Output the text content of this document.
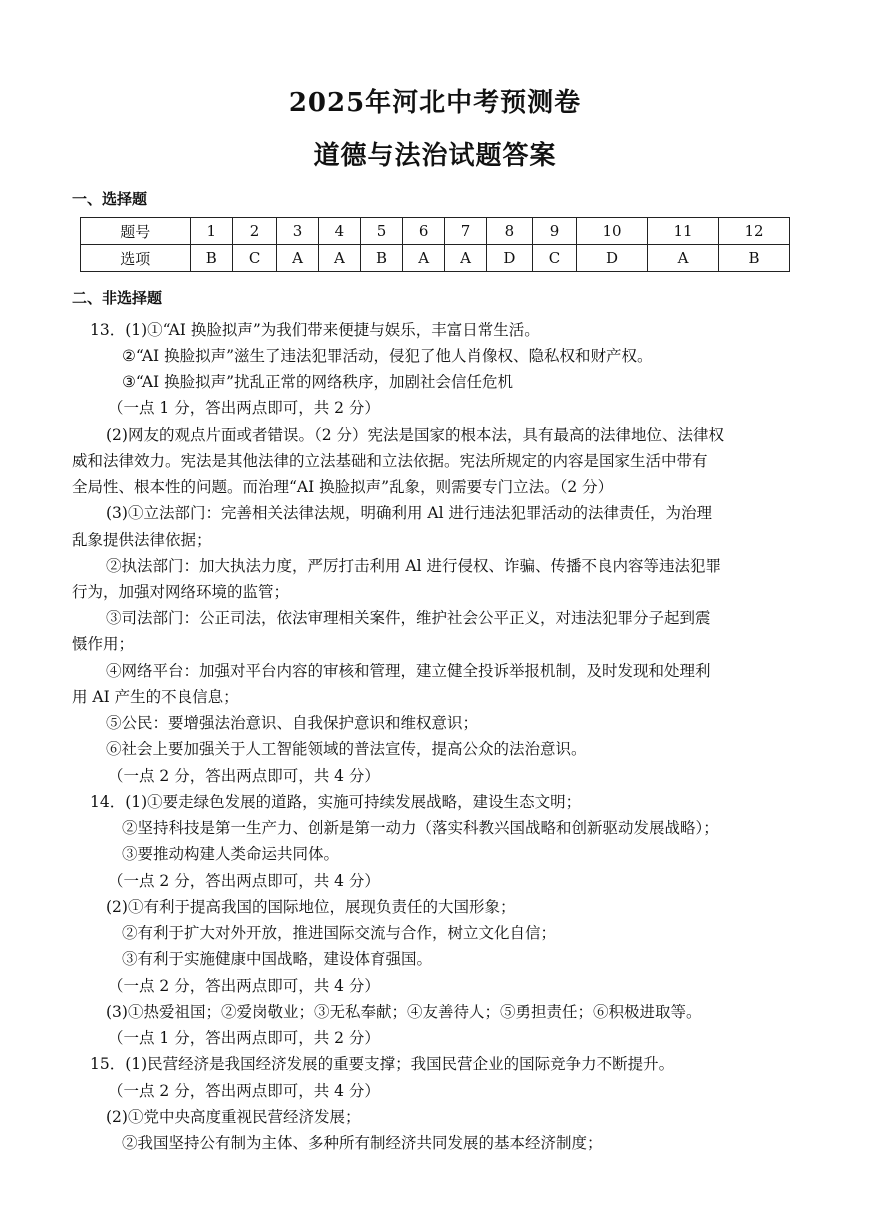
2025年河北中考预测卷
道德与法治试题答案
一、选择题
题号	1	2	3	4	5	6	7	8	9	10	11	12
选项	B	C	A	A	B	A	A	D	C	D	A	B
二、非选择题
13．(1)①“AI 换脸拟声”为我们带来便捷与娱乐，丰富日常生活。
②“AI 换脸拟声”滋生了违法犯罪活动，侵犯了他人肖像权、隐私权和财产权。
③“AI 换脸拟声”扰乱正常的网络秩序，加剧社会信任危机
（一点 1 分，答出两点即可，共 2 分）
(2)网友的观点片面或者错误。（2 分）宪法是国家的根本法，具有最高的法律地位、法律权
威和法律效力。宪法是其他法律的立法基础和立法依据。宪法所规定的内容是国家生活中带有
全局性、根本性的问题。而治理“AI 换脸拟声”乱象，则需要专门立法。（2 分）
(3)①立法部门：完善相关法律法规，明确利用 Al 进行违法犯罪活动的法律责任，为治理
乱象提供法律依据；
②执法部门：加大执法力度，严厉打击利用 Al 进行侵权、诈骗、传播不良内容等违法犯罪
行为，加强对网络环境的监管；
③司法部门：公正司法，依法审理相关案件，维护社会公平正义，对违法犯罪分子起到震
慑作用；
④网络平台：加强对平台内容的审核和管理，建立健全投诉举报机制，及时发现和处理利
用 AI 产生的不良信息；
⑤公民：要增强法治意识、自我保护意识和维权意识；
⑥社会上要加强关于人工智能领域的普法宣传，提高公众的法治意识。
（一点 2 分，答出两点即可，共 4 分）
14．(1)①要走绿色发展的道路，实施可持续发展战略，建设生态文明；
②坚持科技是第一生产力、创新是第一动力（落实科教兴国战略和创新驱动发展战略）；
③要推动构建人类命运共同体。
（一点 2 分，答出两点即可，共 4 分）
(2)①有利于提高我国的国际地位，展现负责任的大国形象；
②有利于扩大对外开放，推进国际交流与合作，树立文化自信；
③有利于实施健康中国战略，建设体育强国。
（一点 2 分，答出两点即可，共 4 分）
(3)①热爱祖国；②爱岗敬业；③无私奉献；④友善待人；⑤勇担责任；⑥积极进取等。
（一点 1 分，答出两点即可，共 2 分）
15．(1)民营经济是我国经济发展的重要支撑；我国民营企业的国际竞争力不断提升。
（一点 2 分，答出两点即可，共 4 分）
(2)①党中央高度重视民营经济发展；
②我国坚持公有制为主体、多种所有制经济共同发展的基本经济制度；
